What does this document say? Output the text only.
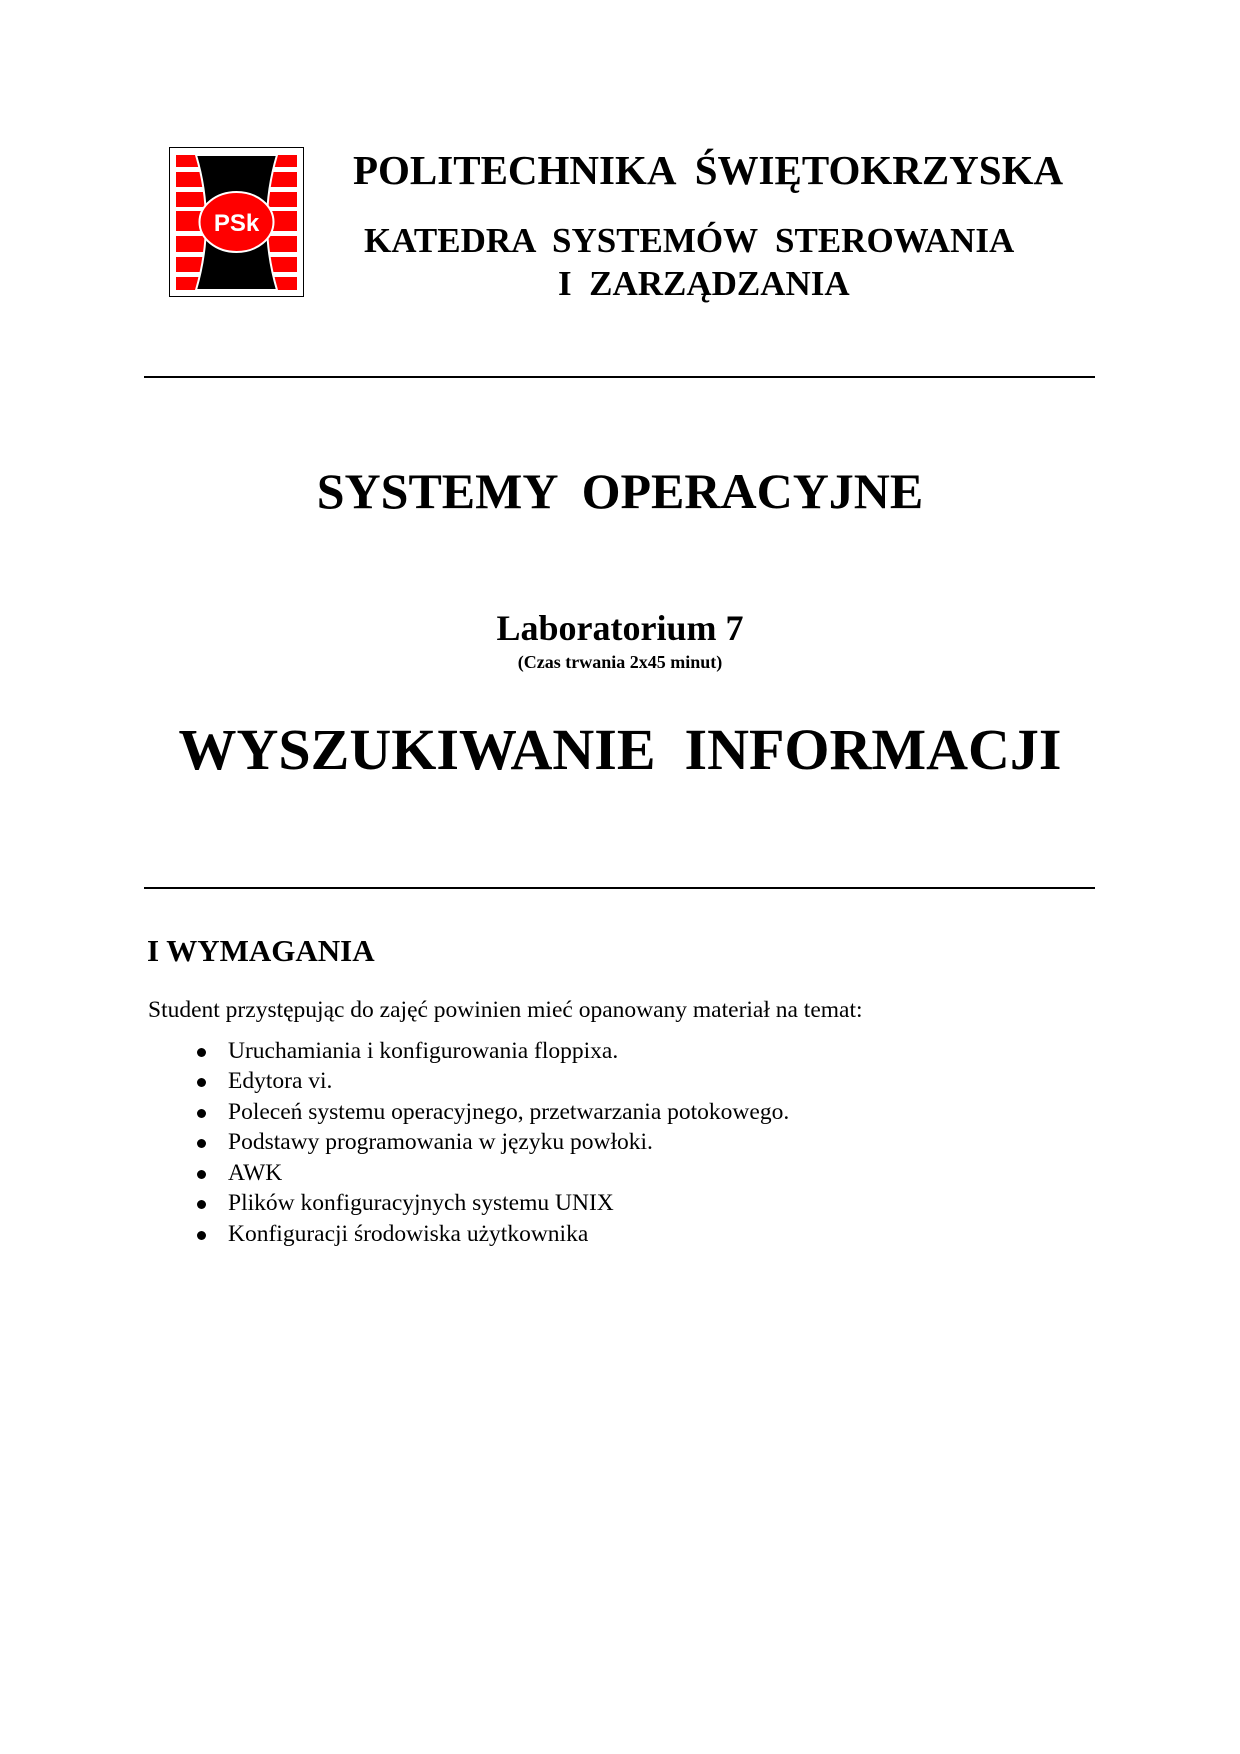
PSk
POLITECHNIKA  ŚWIĘTOKRZYSKA
KATEDRA  SYSTEMÓW  STEROWANIA
I  ZARZĄDZANIA
SYSTEMY  OPERACYJNE
Laboratorium 7
(Czas trwania 2x45 minut)
WYSZUKIWANIE  INFORMACJI
I WYMAGANIA
Student przystępując do zajęć powinien mieć opanowany materiał na temat:
Uruchamiania i konfigurowania floppixa.
Edytora vi.
Poleceń systemu operacyjnego, przetwarzania potokowego.
Podstawy programowania w języku powłoki.
AWK
Plików konfiguracyjnych systemu UNIX
Konfiguracji środowiska użytkownika
